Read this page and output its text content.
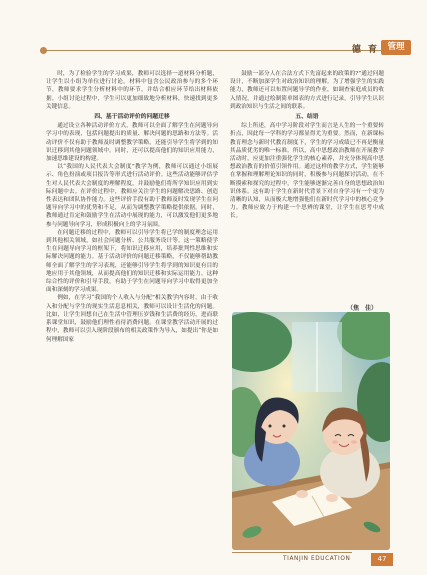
德 育 管理

时，为了检验学生的学习成果，教师可以选择一道材料分析题，让学生以小组为单位进行讨论。材料中包含公民政治参与的多个环节，教师要求学生分析材料中的环节，并结合相应环节给出材料依据。小组讨论过程中，学生可以更加细致地分析材料，快速找到更多关键信息。

四、基于活动评价的问题迁移

通过设立各种活动评价方式，教师可以全面了解学生在问题导向学习中的表现，包括问题提出的质量、解决问题的思路和方法等。活动评价不仅有助于教师及时调整教学策略，还能引导学生将学到的知识迁移到其他问题领域中。同时，还可以提高他们的知识应用能力，加速思维建设的构建。

以“我国的人民代表大会制度”教学为例，教师可以通过小组展示、角色扮演或项目报告等形式进行活动评价。这些活动能够评估学生对人民代表大会制度的理解程度，并鼓励他们将所学知识应用到实际问题中去。在评价过程中，教师应关注学生的问题解决思路、创造性表达和团队协作能力。这些评价手段有助于教师及时发现学生在问题导向学习中的优势和不足，从而为调整教学策略提供依据。同时，教师通过肯定和鼓励学生在活动中展现的能力，可以激发他们更多地参与问题导向学习，形成积极向上的学习氛围。

在问题迁移的过程中，教师可以引导学生将已学的制度理念运用到其他相关领域，如社会问题分析、公共服务设计等。这一策略使学生在问题导向学习的框架下，将知识迁移应用，培养批判性思维和实际解决问题的能力。基于活动评价的问题迁移策略，不仅能够帮助教师全面了解学生的学习表现，还能够引导学生将学到的知识更有目的地应用于其他领域，从而提高他们的知识迁移和实际运用能力。这种综合性的评价和引导手段，有助于学生在问题导向学习中取得更加全面和深刻的学习成果。

例如，在学习“我国的个人收入与分配”相关教学内容时，由于收入和分配与学生的现实生活息息相关，教师可以设计生活化的问题。比如，让学生回想自己在生活中管理压岁钱和生活费的经历，进而联系课堂知识，鼓励他们理性看待消费问题。在课堂教学活动开展的过程中，教师可以引入现阶段颁布的相关政策作为导入，如提出“你是如何理解国家

鼓励一部分人在合法方式下先富起来的政策的?”通过问题设计，不断加深学生对政治知识的理解。为了增强学生的实践能力，教师还可以布置问题导学的作业，如调查家庭成员的收入情况，并通过绘制简单图表的方式进行记录，引导学生认识到政治知识与生活之间的联系。

五、结语

综上所述，高中学习阶段对学生而言是人生的一个重要转折点，因此每一学科的学习都显得尤为重要。然而，在新课标教育理念与新时代教育制度下，学生的学习成绩已不再是衡量其品质优劣的唯一标准。所以，高中思想政治教师在开展教学活动时，应更加注重强化学生的核心素养，并充分体现高中思想政治教育的价值引领作用。通过这样的教学方式，学生能够在掌握和理解理论知识的同时，积极参与问题探讨活动，在不断摸索和探究的过程中，学生能够逐渐完善自身的思想政治知识体系。这有助于学生在新时代背景下对自身学习有一个更为清晰的认知，从而极大地增强他们在新时代学习中的核心竞争力。教师应致力于构建一个思辨的课堂，让学生在思考中成长。

（焦　佳）
TIANJIN EDUCATION	47
